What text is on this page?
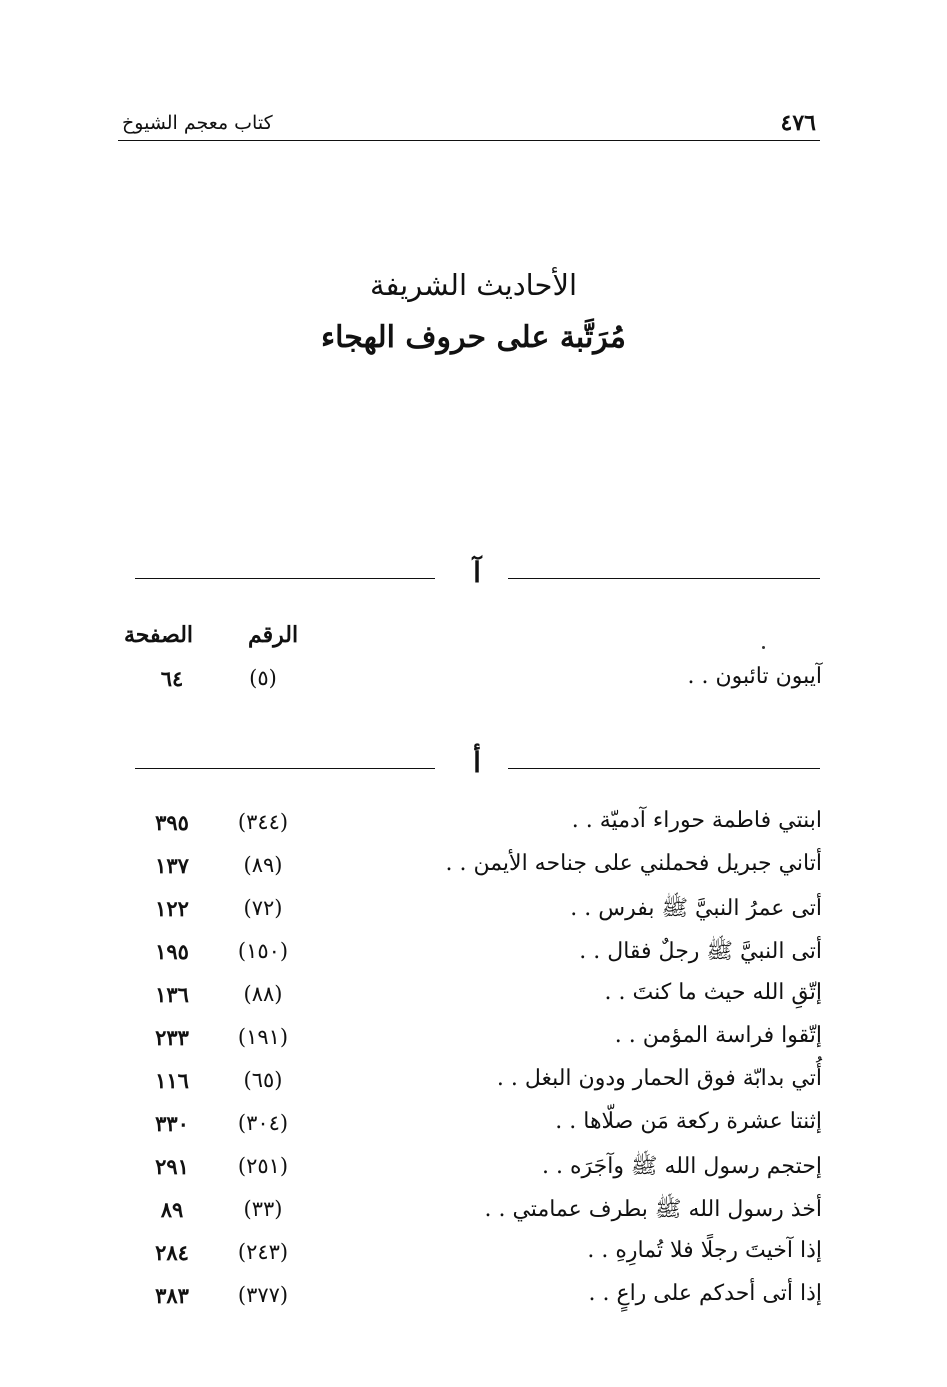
كتاب معجم الشيوخ	٤٧٦
الأحاديث الشريفة
مُرَتَّبة على حروف الهجاء
آ
الرقم
الصفحة
آيبون تائبون . .
(٥)
٦٤
أ
ابنتي فاطمة حوراء آدميّة . .
(٣٤٤)
٣٩٥
أتاني جبريل فحملني على جناحه الأيمن . .
(٨٩)
١٣٧
أتى عمرُ النبيَّ ﷺ بفرس . .
(٧٢)
١٢٢
أتى النبيَّ ﷺ رجلٌ فقال . .
(١٥٠)
١٩٥
إتّقِ الله حيث ما كنتَ . .
(٨٨)
١٣٦
إتّقوا فراسة المؤمن . .
(١٩١)
٢٣٣
أُتي بدابّة فوق الحمار ودون البغل . .
(٦٥)
١١٦
إثنتا عشرة ركعة مَن صلّاها . .
(٣٠٤)
٣٣٠
إحتجم رسول الله ﷺ وآجَرَه . .
(٢٥١)
٢٩١
أخذ رسول الله ﷺ بطرف عمامتي . .
(٣٣)
٨٩
إذا آخيتَ رجلًا فلا تُمارِهِ . .
(٢٤٣)
٢٨٤
إذا أتى أحدكم على راعٍ . .
(٣٧٧)
٣٨٣
